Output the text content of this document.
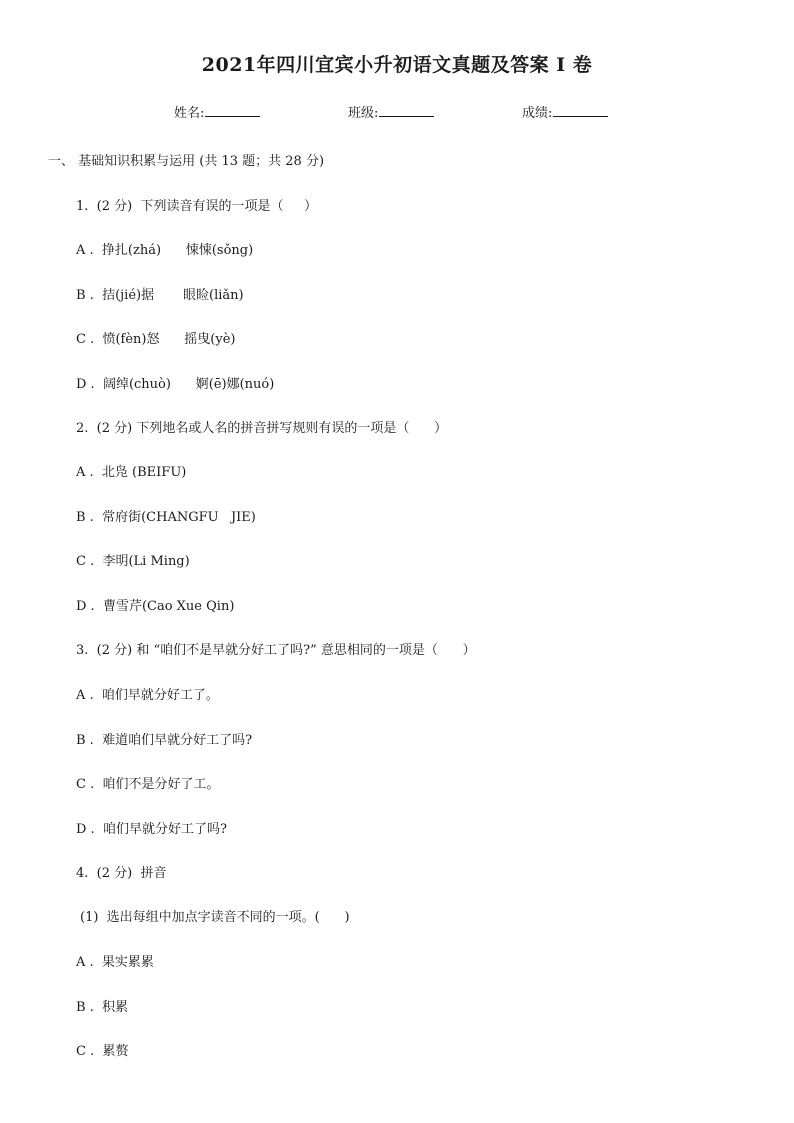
2021年四川宜宾小升初语文真题及答案 I 卷
姓名:	班级:	成绩:
一、 基础知识积累与运用 (共 13 题；共 28 分)
1.  (2 分)  下列读音有误的一项是（     ）
A .  挣扎(zhá)      悚悚(sǒng)
B .  拮(jié)据       眼睑(liǎn)
C .  愤(fèn)怒      摇曳(yè)
D .  阔绰(chuò)      婀(ē)娜(nuó)
2.  (2 分) 下列地名或人名的拼音拼写规则有误的一项是（      ）
A .  北凫 (BEIFU)
B .  常府街(CHANGFU   JIE)
C .  李明(Li Ming)
D .  曹雪芹(Cao Xue Qin)
3.  (2 分) 和 “咱们不是早就分好工了吗?” 意思相同的一项是（      ）
A .  咱们早就分好工了。
B .  难道咱们早就分好工了吗?
C .  咱们不是分好了工。
D .  咱们早就分好工了吗?
4.  (2 分)  拼音
(1)  选出每组中加点字读音不同的一项。(      )
A .  果实累累
B .  积累
C .  累赘
